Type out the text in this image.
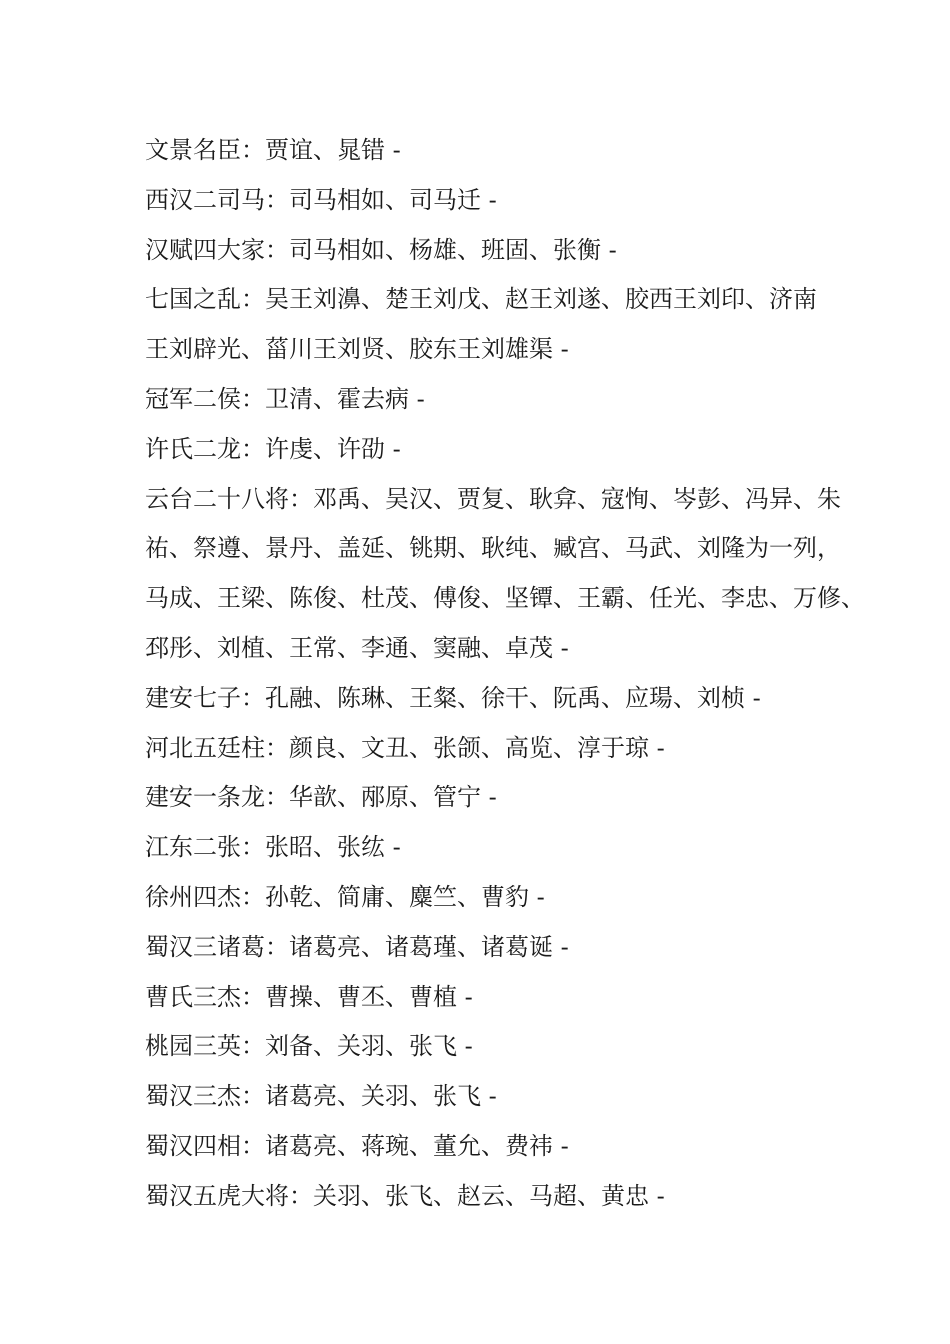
文景名臣：贾谊、晁错 -
西汉二司马：司马相如、司马迁 -
汉赋四大家：司马相如、杨雄、班固、张衡 -
七国之乱：吴王刘濞、楚王刘戊、赵王刘遂、胶西王刘印、济南
王刘辟光、菑川王刘贤、胶东王刘雄渠 -
冠军二侯：卫清、霍去病 -
许氏二龙：许虔、许劭 -
云台二十八将：邓禹、吴汉、贾复、耿弇、寇恂、岑彭、冯异、朱
祐、祭遵、景丹、盖延、铫期、耿纯、臧宫、马武、刘隆为一列，
马成、王梁、陈俊、杜茂、傅俊、坚镡、王霸、任光、李忠、万修、
邳彤、刘植、王常、李通、窦融、卓茂 -
建安七子：孔融、陈琳、王粲、徐干、阮禹、应瑒、刘桢 -
河北五廷柱：颜良、文丑、张颌、高览、淳于琼 -
建安一条龙：华歆、邴原、管宁 -
江东二张：张昭、张纮 -
徐州四杰：孙乾、简庸、麋竺、曹豹 -
蜀汉三诸葛：诸葛亮、诸葛瑾、诸葛诞 -
曹氏三杰：曹操、曹丕、曹植 -
桃园三英：刘备、关羽、张飞 -
蜀汉三杰：诸葛亮、关羽、张飞 -
蜀汉四相：诸葛亮、蒋琬、董允、费祎 -
蜀汉五虎大将：关羽、张飞、赵云、马超、黄忠 -
